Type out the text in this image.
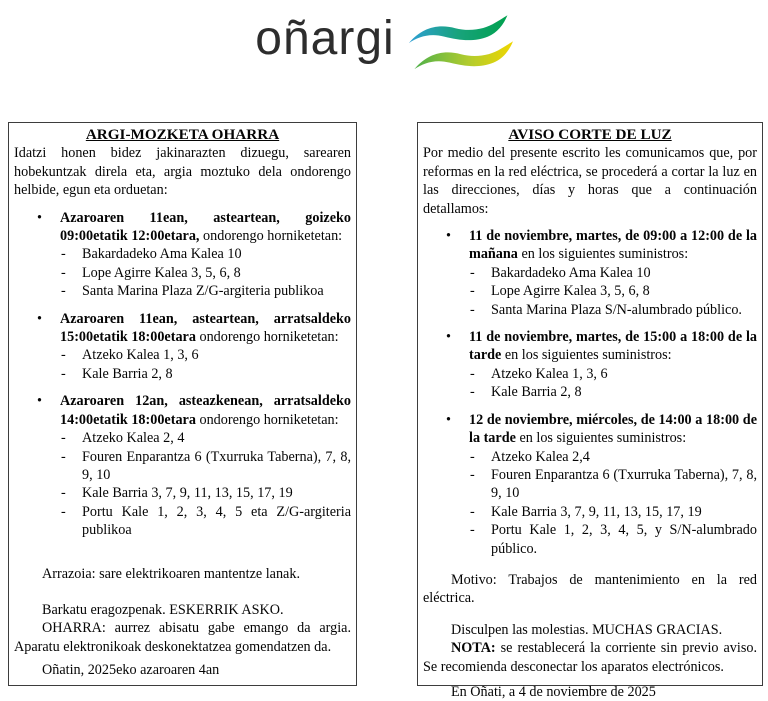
oñargi
ARGI-MOZKETA OHARRA
Idatzi honen bidez jakinarazten dizuegu, sarearen hobekuntzak direla eta, argia moztuko dela ondorengo helbide, egun eta orduetan:
• Azaroaren 11ean, asteartean, goizeko 09:00etatik 12:00etara, ondorengo horniketetan:
- Bakardadeko Ama Kalea 10
- Lope Agirre Kalea 3, 5, 6, 8
- Santa Marina Plaza Z/G-argiteria publikoa
• Azaroaren 11ean, asteartean, arratsaldeko 15:00etatik 18:00etara ondorengo horniketetan:
- Atzeko Kalea 1, 3, 6
- Kale Barria 2, 8
• Azaroaren 12an, asteazkenean, arratsaldeko 14:00etatik 18:00etara ondorengo horniketetan:
- Atzeko Kalea 2, 4
- Fouren Enparantza 6 (Txurruka Taberna), 7, 8, 9, 10
- Kale Barria 3, 7, 9, 11, 13, 15, 17, 19
- Portu Kale 1, 2, 3, 4, 5 eta Z/G-argiteria publikoa
Arrazoia: sare elektrikoaren mantentze lanak.
Barkatu eragozpenak. ESKERRIK ASKO.
OHARRA: aurrez abisatu gabe emango da argia. Aparatu elektronikoak deskonektatzea gomendatzen da.
Oñatin, 2025eko azaroaren 4an
AVISO CORTE DE LUZ
Por medio del presente escrito les comunicamos que, por reformas en la red eléctrica, se procederá a cortar la luz en las direcciones, días y horas que a continuación detallamos:
• 11 de noviembre, martes, de 09:00 a 12:00 de la mañana en los siguientes suministros:
- Bakardadeko Ama Kalea 10
- Lope Agirre Kalea 3, 5, 6, 8
- Santa Marina Plaza S/N-alumbrado público.
• 11 de noviembre, martes, de 15:00 a 18:00 de la tarde en los siguientes suministros:
- Atzeko Kalea 1, 3, 6
- Kale Barria 2, 8
• 12 de noviembre, miércoles, de 14:00 a 18:00 de la tarde en los siguientes suministros:
- Atzeko Kalea 2,4
- Fouren Enparantza 6 (Txurruka Taberna), 7, 8, 9, 10
- Kale Barria 3, 7, 9, 11, 13, 15, 17, 19
- Portu Kale 1, 2, 3, 4, 5, y S/N-alumbrado público.
Motivo: Trabajos de mantenimiento en la red eléctrica.
Disculpen las molestias. MUCHAS GRACIAS.
NOTA: se restablecerá la corriente sin previo aviso. Se recomienda desconectar los aparatos electrónicos.
En Oñati, a 4 de noviembre de 2025
